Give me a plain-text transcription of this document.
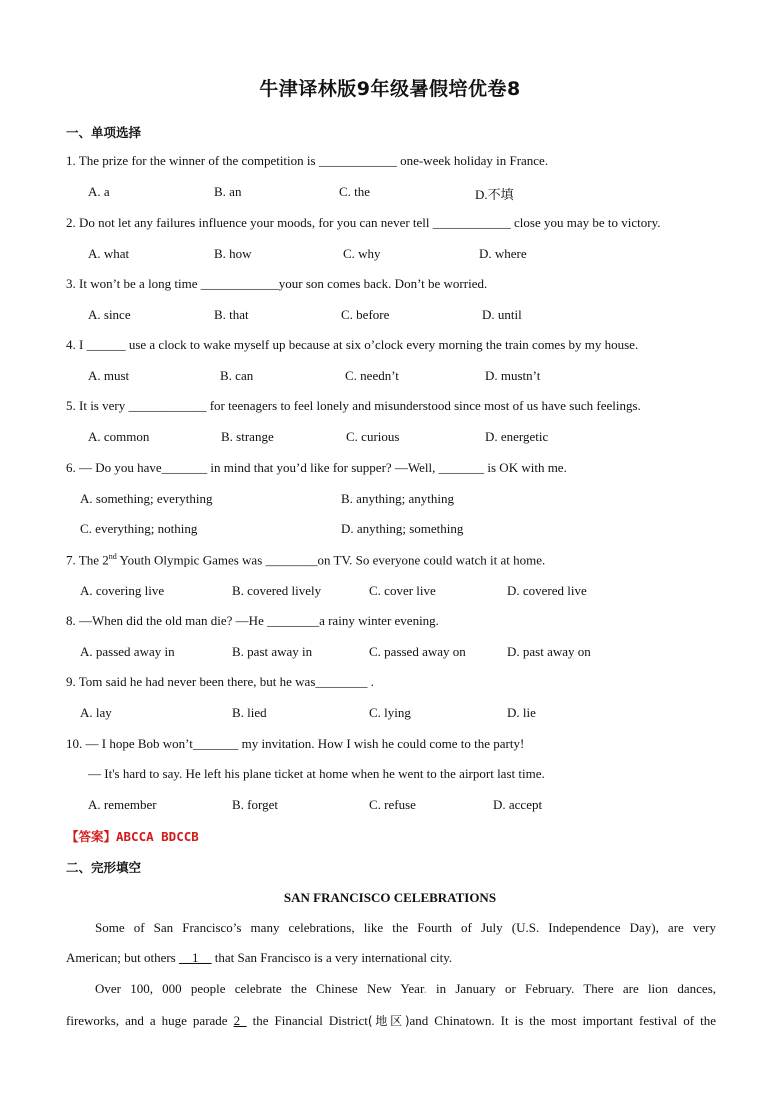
牛津译林版9年级暑假培优卷8
一、单项选择
1. The prize for the winner of the competition is ____________ one-week holiday in France.
A. a	B. an	C. the	D.不填
2. Do not let any failures influence your moods, for you can never tell ____________ close you may be to victory.
A. what	B. how	C. why	D. where
3. It won’t be a long time ____________your son comes back. Don’t be worried.
A. since	B. that	C. before	D. until
4. I ______ use a clock to wake myself up because at six o’clock every morning the train comes by my house.
A. must	B. can	C. needn’t	D. mustn’t
5. It is very ____________ for teenagers to feel lonely and misunderstood since most of us have such feelings.
A. common	B. strange	C. curious	D. energetic
6. — Do you have_______ in mind that you’d like for supper? —Well, _______ is OK with me.
A. something; everything	B. anything; anything
C. everything; nothing	D. anything; something
7. The 2nd Youth Olympic Games was ________on TV. So everyone could watch it at home.
A. covering live	B. covered lively	C. cover live	D. covered live
8. —When did the old man die? —He ________a rainy winter evening.
A. passed away in	B. past away in	C. passed away on	D. past away on
9. Tom said he had never been there, but he was________ .
A. lay	B. lied	C. lying	D. lie
10. — I hope Bob won’t_______ my invitation. How I wish he could come to the party!
— It's hard to say. He left his plane ticket at home when he went to the airport last time.
A. remember	B. forget	C. refuse	D. accept
【答案】ABCCA BDCCB
二、完形填空
SAN FRANCISCO CELEBRATIONS
Some of San Francisco’s many celebrations, like the Fourth of July (U.S. Independence Day), are very
American; but others __1__ that San Francisco is a very international city.
Over 100, 000 people celebrate the Chinese New Year. in January or February. There are lion dances,
fireworks, and a huge parade 2_ the Financial District(地区)and Chinatown. It is the most important festival of the
